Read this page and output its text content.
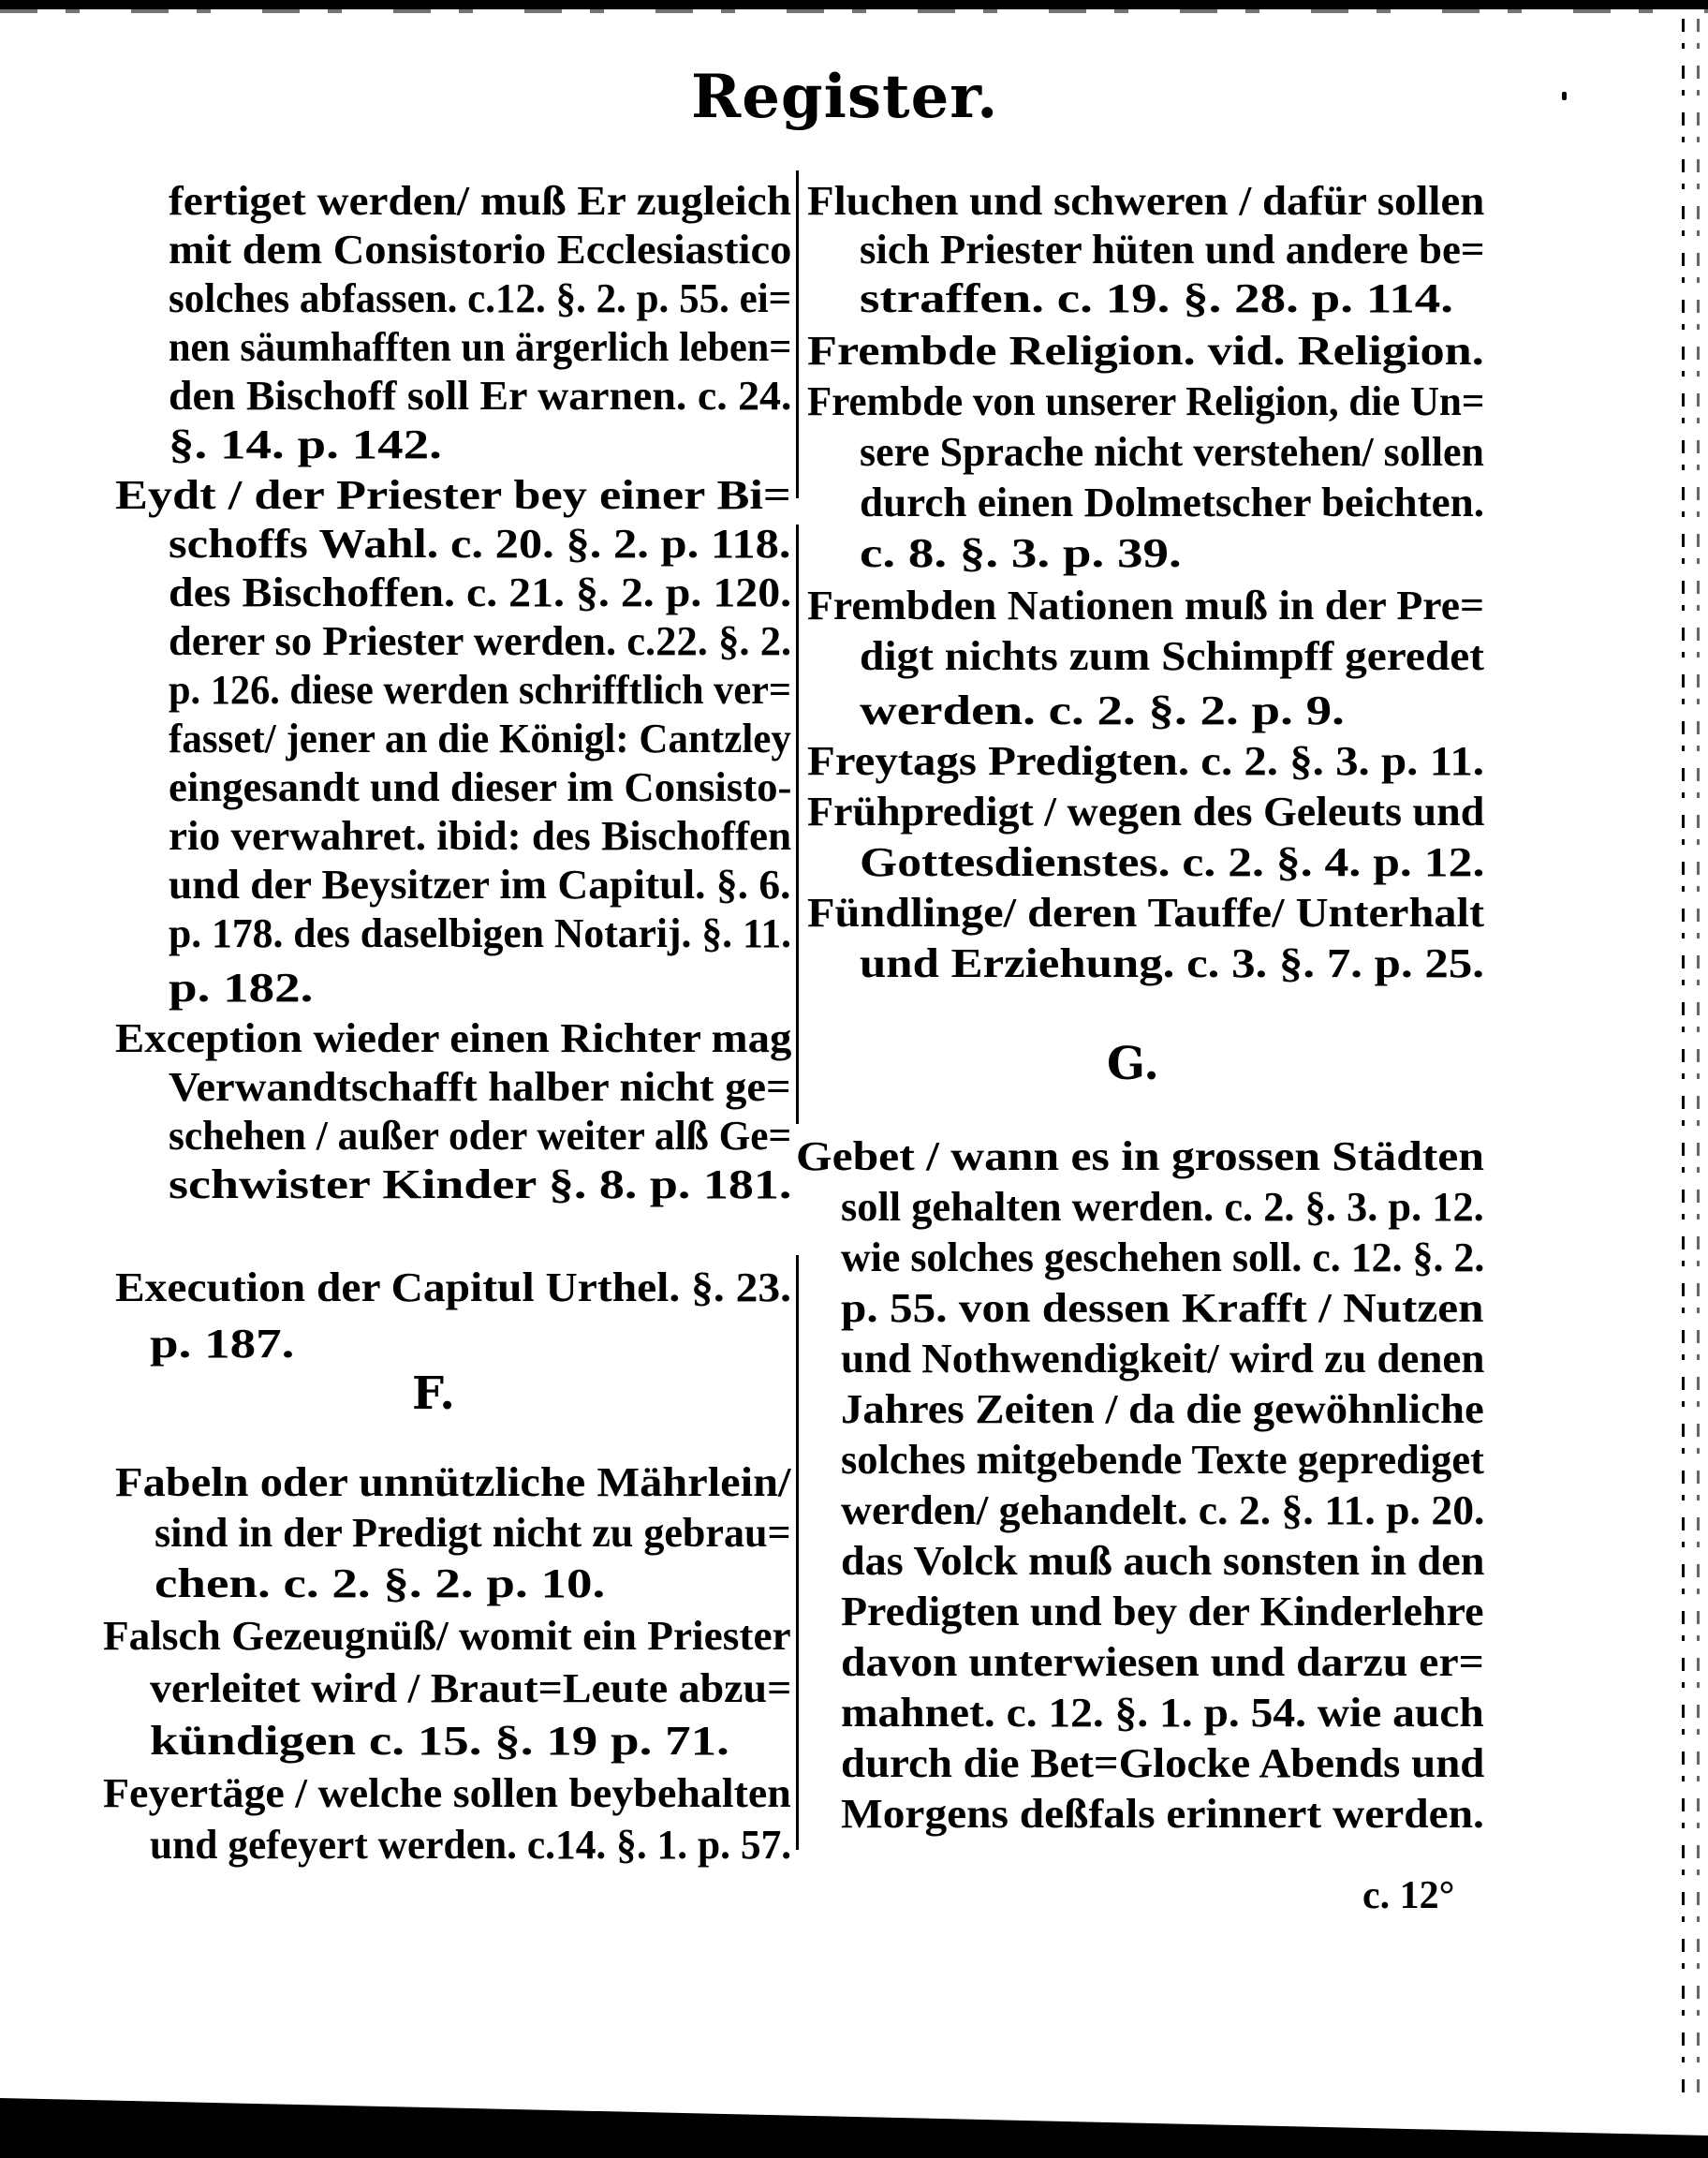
Register.
fertiget werden/ muß Er zugleich
mit dem Consistorio Ecclesiastico
solches abfassen. c.12. §. 2. p. 55. ei=
nen säumhafften un ärgerlich leben=
den Bischoff soll Er warnen. c. 24.
§. 14. p. 142.
Eydt / der Priester bey einer Bi=
schoffs Wahl. c. 20. §. 2. p. 118.
des Bischoffen. c. 21. §. 2. p. 120.
derer so Priester werden. c.22. §. 2.
p. 126. diese werden schrifftlich ver=
fasset/ jener an die Königl: Cantzley
eingesandt und dieser im Consisto-
rio verwahret. ibid: des Bischoffen
und der Beysitzer im Capitul. §. 6.
p. 178. des daselbigen Notarij. §. 11.
p. 182.
Exception wieder einen Richter mag
Verwandtschafft halber nicht ge=
schehen / außer oder weiter alß Ge=
schwister Kinder §. 8. p. 181.
Execution der Capitul Urthel. §. 23.
p. 187.
F.
Fabeln oder unnützliche Mährlein/
sind in der Predigt nicht zu gebrau=
chen. c. 2. §. 2. p. 10.
Falsch Gezeugnüß/ womit ein Priester
verleitet wird / Braut=Leute abzu=
kündigen c. 15. §. 19 p. 71.
Feyertäge / welche sollen beybehalten
und gefeyert werden. c.14. §. 1. p. 57.
Fluchen und schweren / dafür sollen
sich Priester hüten und andere be=
straffen. c. 19. §. 28. p. 114.
Frembde Religion. vid. Religion.
Frembde von unserer Religion, die Un=
sere Sprache nicht verstehen/ sollen
durch einen Dolmetscher beichten.
c. 8. §. 3. p. 39.
Frembden Nationen muß in der Pre=
digt nichts zum Schimpff geredet
werden. c. 2. §. 2. p. 9.
Freytags Predigten. c. 2. §. 3. p. 11.
Frühpredigt / wegen des Geleuts und
Gottesdienstes. c. 2. §. 4. p. 12.
Fündlinge/ deren Tauffe/ Unterhalt
und Erziehung. c. 3. §. 7. p. 25.
G.
Gebet / wann es in grossen Städten
soll gehalten werden. c. 2. §. 3. p. 12.
wie solches geschehen soll. c. 12. §. 2.
p. 55. von dessen Krafft / Nutzen
und Nothwendigkeit/ wird zu denen
Jahres Zeiten / da die gewöhnliche
solches mitgebende Texte geprediget
werden/ gehandelt. c. 2. §. 11. p. 20.
das Volck muß auch sonsten in den
Predigten und bey der Kinderlehre
davon unterwiesen und darzu er=
mahnet. c. 12. §. 1. p. 54. wie auch
durch die Bet=Glocke Abends und
Morgens deßfals erinnert werden.
c. 12°
